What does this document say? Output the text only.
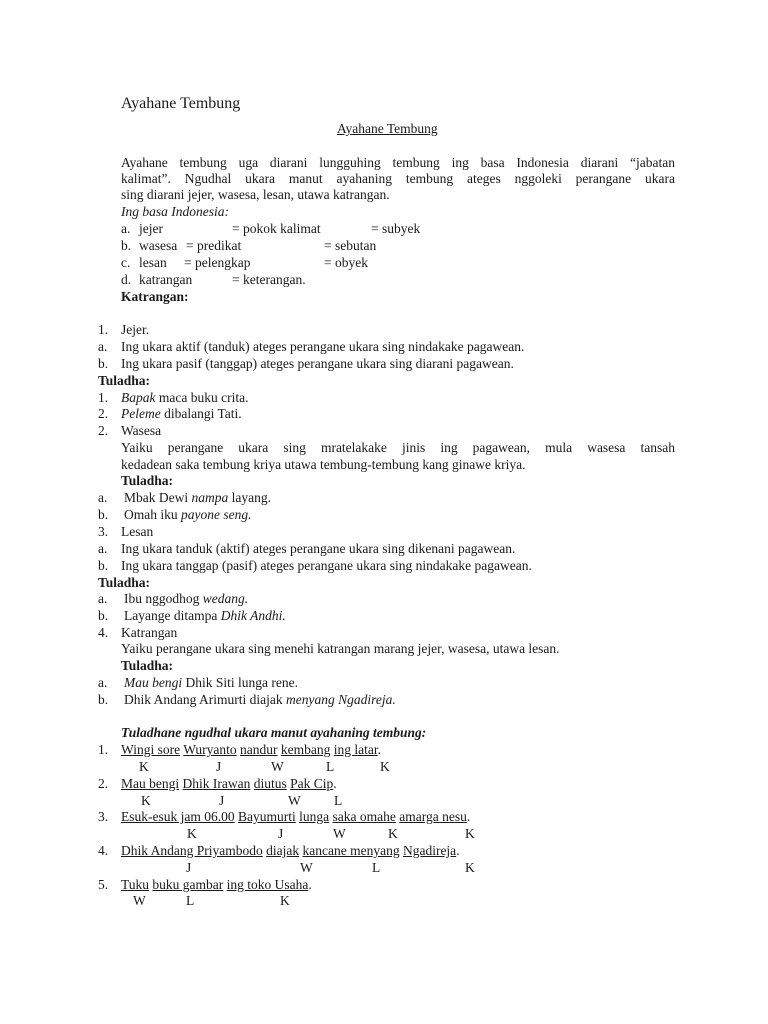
Ayahane Tembung
Ayahane Tembung
Ayahane tembung uga diarani lungguhing tembung ing basa Indonesia diarani “jabatan
kalimat”. Ngudhal ukara manut ayahaning tembung ateges nggoleki perangane ukara
sing diarani jejer, wasesa, lesan, utawa katrangan.
Ing basa Indonesia:
a. jejer	= pokok kalimat	= subyek
b. wasesa = predikat	= sebutan
c. lesan = pelengkap	= obyek
d. katrangan	= keterangan.
Katrangan:
1. Jejer.
a. Ing ukara aktif (tanduk) ateges perangane ukara sing nindakake pagawean.
b. Ing ukara pasif (tanggap) ateges perangane ukara sing diarani pagawean.
Tuladha:
1. Bapak maca buku crita.
2. Peleme dibalangi Tati.
2. Wasesa
Yaiku perangane ukara sing mratelakake jinis ing pagawean, mula wasesa tansah
kedadean saka tembung kriya utawa tembung-tembung kang ginawe kriya.
Tuladha:
a. Mbak Dewi nampa layang.
b. Omah iku payone seng.
3. Lesan
a. Ing ukara tanduk (aktif) ateges perangane ukara sing dikenani pagawean.
b. Ing ukara tanggap (pasif) ateges perangane ukara sing nindakake pagawean.
Tuladha:
a. Ibu nggodhog wedang.
b. Layange ditampa Dhik Andhi.
4. Katrangan
Yaiku perangane ukara sing menehi katrangan marang jejer, wasesa, utawa lesan.
Tuladha:
a. Mau bengi Dhik Siti lunga rene.
b. Dhik Andang Arimurti diajak menyang Ngadireja.
Tuladhane ngudhal ukara manut ayahaning tembung:
1. Wingi sore Wuryanto nandur kembang ing latar.
K	J	W	L	K
2. Mau bengi Dhik Irawan diutus Pak Cip.
K	J	W L
3. Esuk-esuk jam 06.00 Bayumurti lunga saka omahe amarga nesu.
K	J	W	K	K
4. Dhik Andang Priyambodo diajak kancane menyang Ngadireja.
J	W	L	K
5. Tuku buku gambar ing toko Usaha.
W	L	K
